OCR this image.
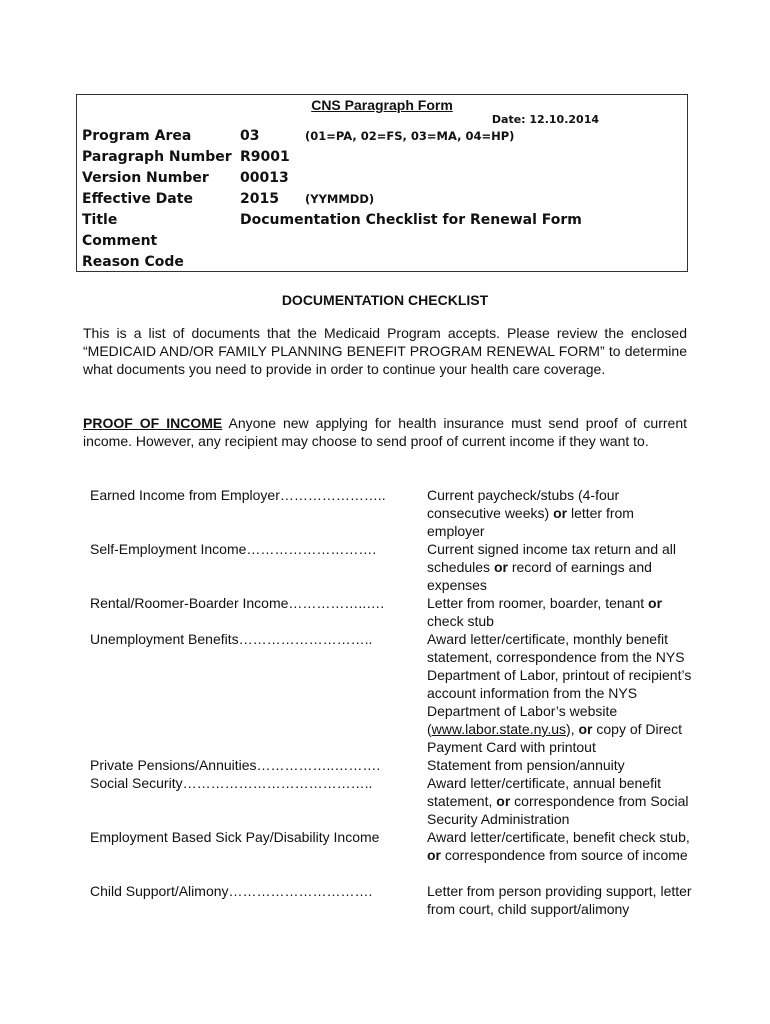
CNS Paragraph Form
Date: 12.10.2014
Program Area	03	(01=PA, 02=FS, 03=MA, 04=HP)
Paragraph Number R9001
Version Number 00013
Effective Date	2015 (YYMMDD)
Title	Documentation Checklist for Renewal Form
Comment
Reason Code
DOCUMENTATION CHECKLIST
This is a list of documents that the Medicaid Program accepts. Please review the enclosed “MEDICAID AND/OR FAMILY PLANNING BENEFIT PROGRAM RENEWAL FORM” to determine what documents you need to provide in order to continue your health care coverage.
PROOF OF INCOME Anyone new applying for health insurance must send proof of current income. However, any recipient may choose to send proof of current income if they want to.
Earned Income from Employer…………………..	Current paycheck/stubs (4-four consecutive weeks) or letter from employer
Self-Employment Income……………………….	Current signed income tax return and all schedules or record of earnings and expenses
Rental/Roomer-Boarder Income……………..….	Letter from roomer, boarder, tenant or check stub
Unemployment Benefits………………………..	Award letter/certificate, monthly benefit statement, correspondence from the NYS Department of Labor, printout of recipient’s account information from the NYS Department of Labor’s website (www.labor.state.ny.us), or copy of Direct Payment Card with printout
Private Pensions/Annuities……………..……….	Statement from pension/annuity
Social Security…………………………………..	Award letter/certificate, annual benefit statement, or correspondence from Social Security Administration
Employment Based Sick Pay/Disability Income	Award letter/certificate, benefit check stub, or correspondence from source of income
Child Support/Alimony………………………….	Letter from person providing support, letter from court, child support/alimony
